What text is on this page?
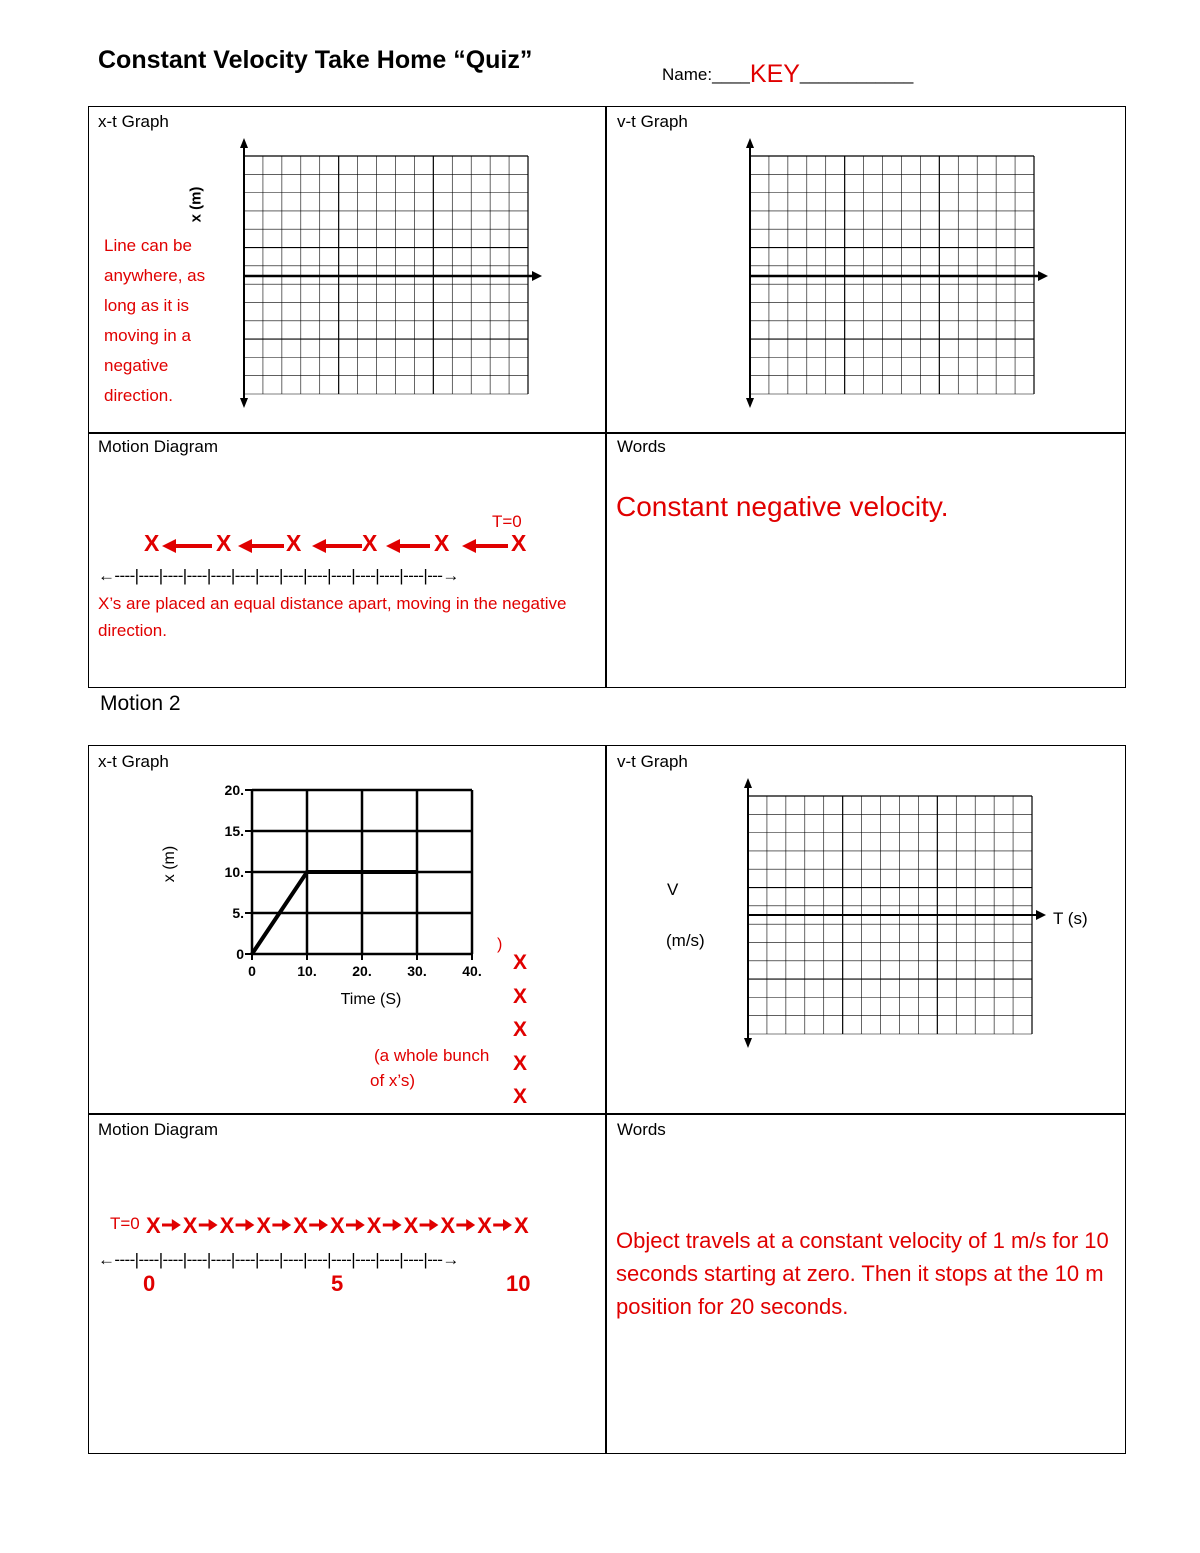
Constant Velocity Take Home “Quiz”
Name:____KEY____________
x-t Graph
x (m)
Line can be
anywhere, as
long as it is
moving in a
negative
direction.
v-t Graph
Motion Diagram
T=0
X X X	X X	X
←----|----|----|----|----|----|----|----|----|----|----|----|----|---→
X’s are placed an equal distance apart, moving in the negative direction.
Words
Constant negative velocity.
Motion 2
x-t Graph
0	10.	20.	30.	40.
0
5.
10.
15.
20.
Time (S)
x (m)
)
X
X
X
X
X
(a whole bunch
of x’s)
v-t Graph
V
(m/s)
T (s)
Motion Diagram
T=0 X X X X X X X X X X X
←----|----|----|----|----|----|----|----|----|----|----|----|----|---→
0	5	10
Words
Object travels at a constant velocity of 1 m/s for 10 seconds starting at zero. Then it stops at the 10 m position for 20 seconds.
